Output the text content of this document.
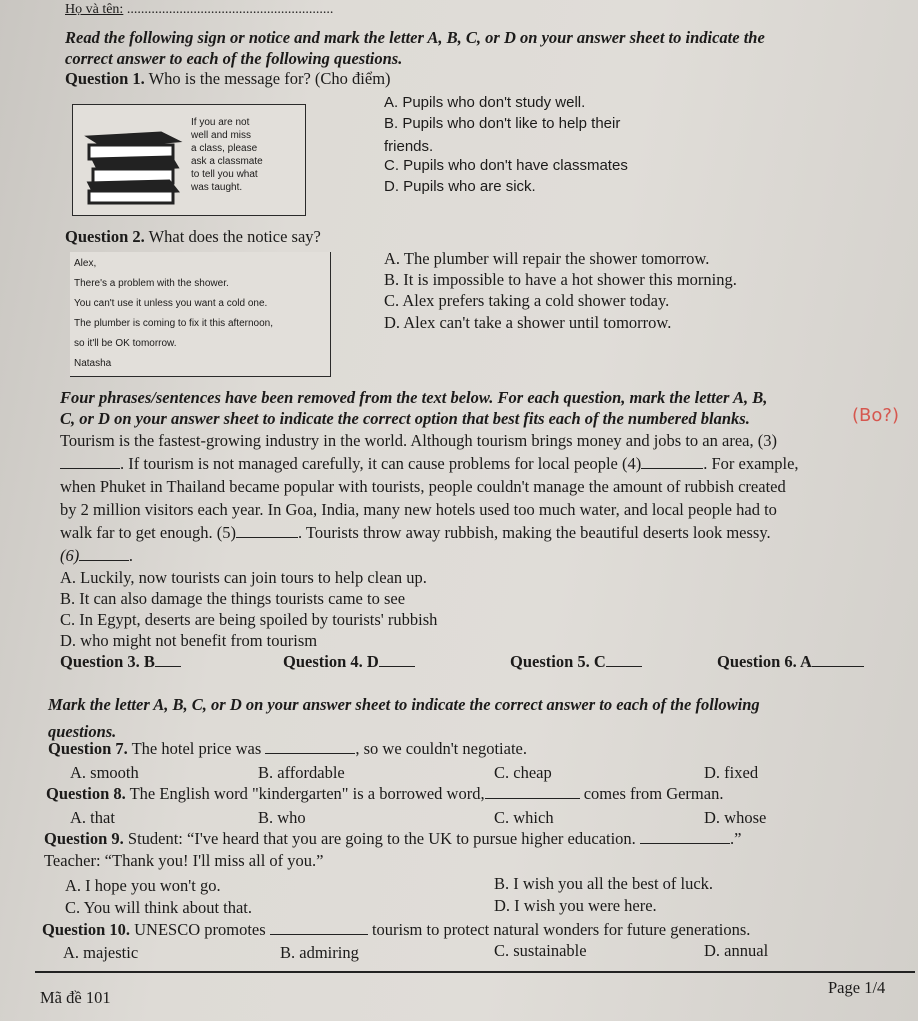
Họ và tên: ...........................................................
Read the following sign or notice and mark the letter A, B, C, or D on your answer sheet to indicate the
correct answer to each of the following questions.
Question 1. Who is the message for? (Cho điểm)
If you are not
well and miss
a class, please
ask a classmate
to tell you what
was taught.
A. Pupils who don't study well.
B. Pupils who don't like to help their
friends.
C. Pupils who don't have classmates
D. Pupils who are sick.
Question 2. What does the notice say?
Alex,
There's a problem with the shower.
You can't use it unless you want a cold one.
The plumber is coming to fix it this afternoon,
so it'll be OK tomorrow.
Natasha
A. The plumber will repair the shower tomorrow.
B. It is impossible to have a hot shower this morning.
C. Alex prefers taking a cold shower today.
D. Alex can't take a shower until tomorrow.
Four phrases/sentences have been removed from the text below. For each question, mark the letter A, B,
C, or D on your answer sheet to indicate the correct option that best fits each of the numbered blanks.	(Bo?)
Tourism is the fastest-growing industry in the world. Although tourism brings money and jobs to an area, (3)
. If tourism is not managed carefully, it can cause problems for local people (4)	. For example,
when Phuket in Thailand became popular with tourists, people couldn't manage the amount of rubbish created
by 2 million visitors each year. In Goa, India, many new hotels used too much water, and local people had to
walk far to get enough. (5)	. Tourists throw away rubbish, making the beautiful deserts look messy.
(6)	.
A. Luckily, now tourists can join tours to help clean up.
B. It can also damage the things tourists came to see
C. In Egypt, deserts are being spoiled by tourists' rubbish
D. who might not benefit from tourism
Question 3. B	Question 4. D	Question 5. C	Question 6. A
Mark the letter A, B, C, or D on your answer sheet to indicate the correct answer to each of the following
questions.
Question 7. The hotel price was	, so we couldn't negotiate.
A. smooth	B. affordable	C. cheap	D. fixed
Question 8. The English word "kindergarten" is a borrowed word,	comes from German.
A. that	B. who	C. which	D. whose
Question 9. Student: “I've heard that you are going to the UK to pursue higher education.	.”
Teacher: “Thank you! I'll miss all of you.”
A. I hope you won't go.	B. I wish you all the best of luck.
C. You will think about that.	D. I wish you were here.
Question 10. UNESCO promotes	tourism to protect natural wonders for future generations.
A. majestic	B. admiring	C. sustainable	D. annual
Mã đề 101
Page 1/4
